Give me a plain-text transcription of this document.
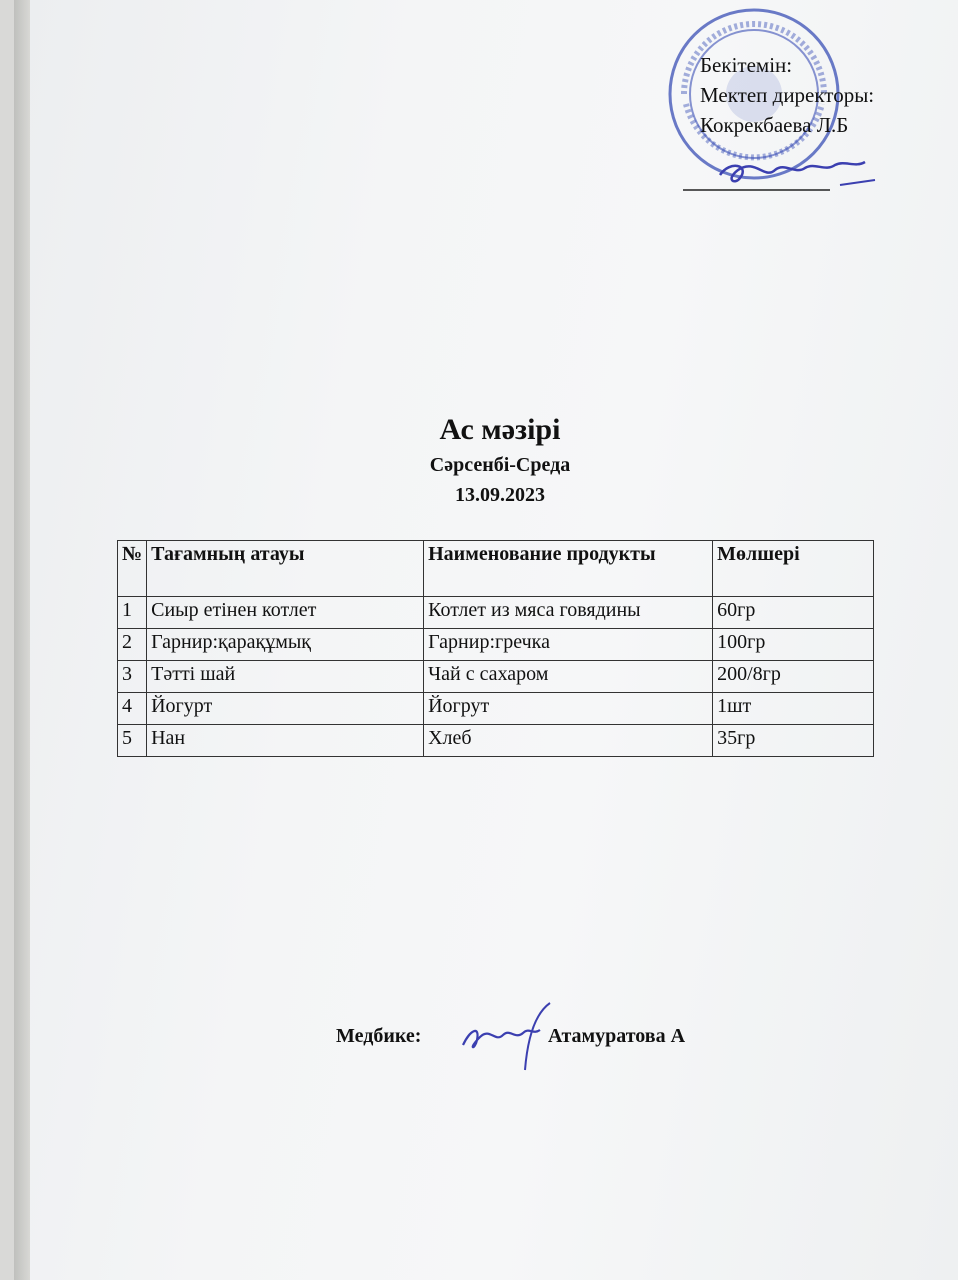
Бекітемін:
Мектеп директоры:
Кокрекбаева Л.Б
Ас мәзірі
Сәрсенбі-Среда
13.09.2023
№	Тағамның атауы	Наименование продукты	Мөлшері
1	Сиыр етінен котлет	Котлет из мяса говядины	60гр
2	Гарнир:қарақұмық	Гарнир:гречка	100гр
3	Тәтті шай	Чай с сахаром	200/8гр
4	Йогурт	Йогрут	1шт
5	Нан	Хлеб	35гр
Медбике:	Атамуратова А
